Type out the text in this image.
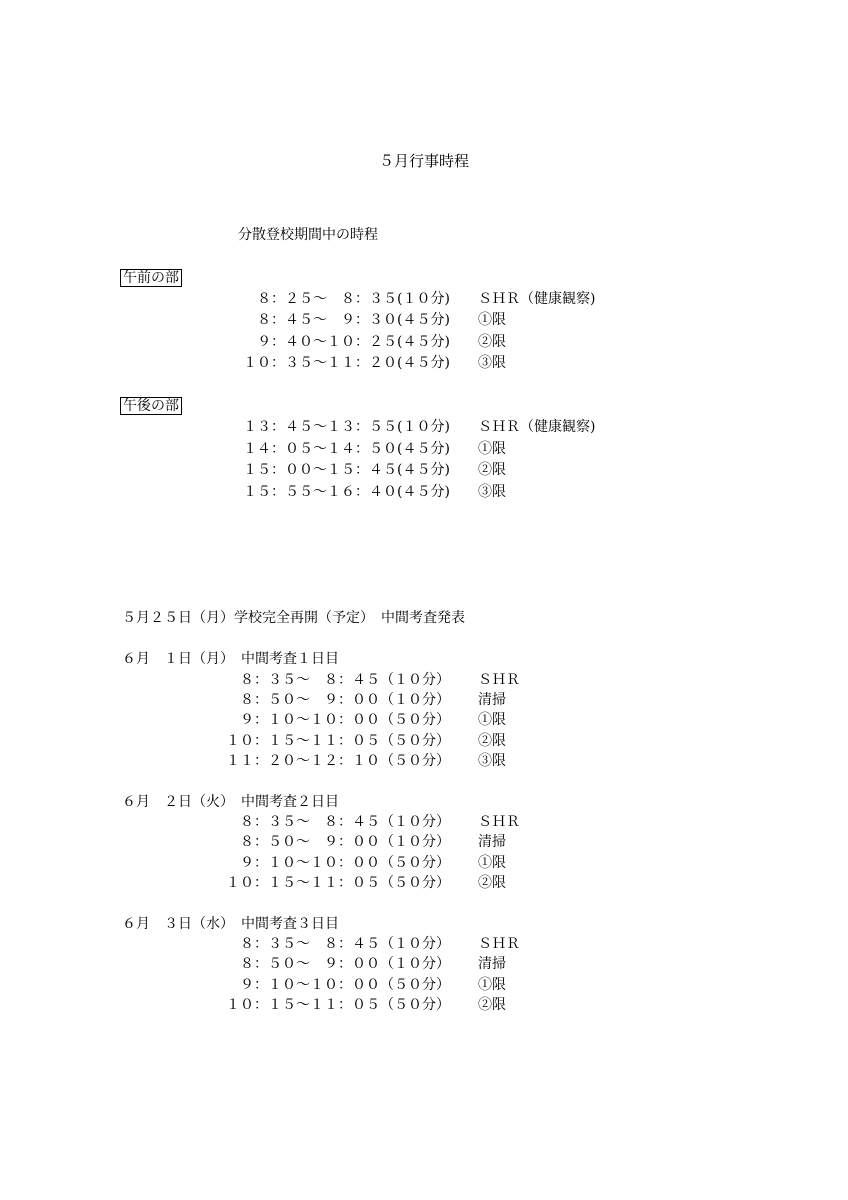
５月行事時程
分散登校期間中の時程
午前の部
８：２５～　８：３５(１０分) ＳＨＲ（健康観察)
８：４５～　９：３０(４５分) ①限
９：４０～１０：２５(４５分) ②限
１０：３５～１１：２０(４５分) ③限
午後の部
１３：４５～１３：５５(１０分) ＳＨＲ（健康観察)
１４：０５～１４：５０(４５分) ①限
１５：００～１５：４５(４５分) ②限
１５：５５～１６：４０(４５分) ③限
５月２５日（月）学校完全再開（予定）　中間考査発表
６月　１日（月）　中間考査１日目
８：３５～　８：４５（１０分） ＳＨＲ
８：５０～　９：００（１０分） 清掃
９：１０～１０：００（５０分） ①限
１０：１５～１１：０５（５０分） ②限
１１：２０～１２：１０（５０分） ③限
６月　２日（火）　中間考査２日目
８：３５～　８：４５（１０分） ＳＨＲ
８：５０～　９：００（１０分） 清掃
９：１０～１０：００（５０分） ①限
１０：１５～１１：０５（５０分） ②限
６月　３日（水）　中間考査３日目
８：３５～　８：４５（１０分） ＳＨＲ
８：５０～　９：００（１０分） 清掃
９：１０～１０：００（５０分） ①限
１０：１５～１１：０５（５０分） ②限
